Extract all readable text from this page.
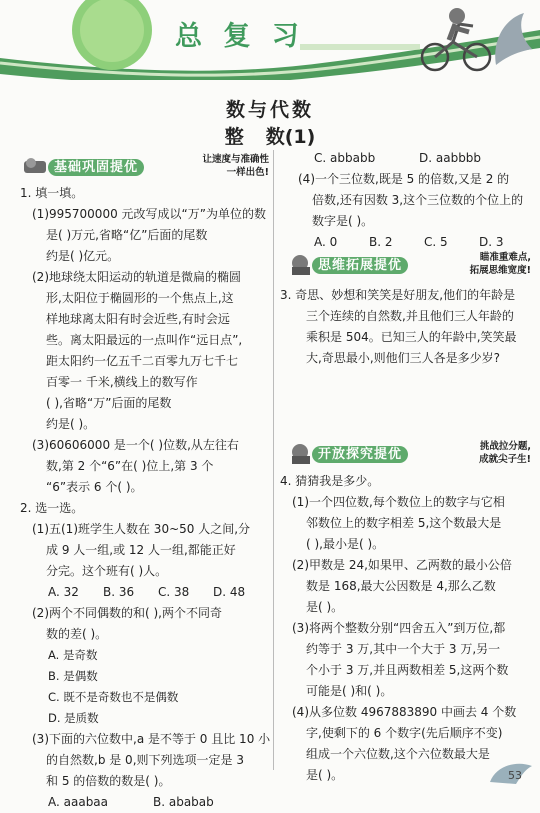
总 复 习
数与代数
整数(1)
基础巩固提优
让速度与准确性
一样出色!
1. 填一填。
(1)995700000 元改写成以“万”为单位的数
是( )万元,省略“亿”后面的尾数
约是( )亿元。
(2)地球绕太阳运动的轨道是微扁的椭圆
形,太阳位于椭圆形的一个焦点上,这
样地球离太阳有时会近些,有时会远
些。离太阳最远的一点叫作“远日点”,
距太阳约一亿五千二百零九万七千七
百零一 千米,横线上的数写作
( ),省略“万”后面的尾数
约是( )。
(3)60606000 是一个( )位数,从左往右
数,第 2 个“6”在( )位上,第 3 个
“6”表示 6 个( )。
2. 选一选。
(1)五(1)班学生人数在 30~50 人之间,分
成 9 人一组,或 12 人一组,都能正好
分完。这个班有( )人。
A. 32 B. 36 C. 38 D. 48
(2)两个不同偶数的和( ),两个不同奇
数的差( )。
A. 是奇数
B. 是偶数
C. 既不是奇数也不是偶数
D. 是质数
(3)下面的六位数中,a 是不等于 0 且比 10 小
的自然数,b 是 0,则下列选项一定是 3
和 5 的倍数的数是( )。
A. aaabaa	B. ababab
C. abbabb	D. aabbbb
(4)一个三位数,既是 5 的倍数,又是 2 的
倍数,还有因数 3,这个三位数的个位上的
数字是( )。
A. 0	B. 2	C. 5	D. 3
思维拓展提优
瞄准重难点,
拓展思维宽度!
3. 奇思、妙想和笑笑是好朋友,他们的年龄是
三个连续的自然数,并且他们三人年龄的
乘积是 504。已知三人的年龄中,笑笑最
大,奇思最小,则他们三人各是多少岁?
开放探究提优
挑战拉分题,
成就尖子生!
4. 猜猜我是多少。
(1)一个四位数,每个数位上的数字与它相
邻数位上的数字相差 5,这个数最大是
( ),最小是( )。
(2)甲数是 24,如果甲、乙两数的最小公倍
数是 168,最大公因数是 4,那么乙数
是( )。
(3)将两个整数分别“四舍五入”到万位,都
约等于 3 万,其中一个大于 3 万,另一
个小于 3 万,并且两数相差 5,这两个数
可能是( )和( )。
(4)从多位数 4967883890 中画去 4 个数
字,使剩下的 6 个数字(先后顺序不变)
组成一个六位数,这个六位数最大是
是( )。	53
